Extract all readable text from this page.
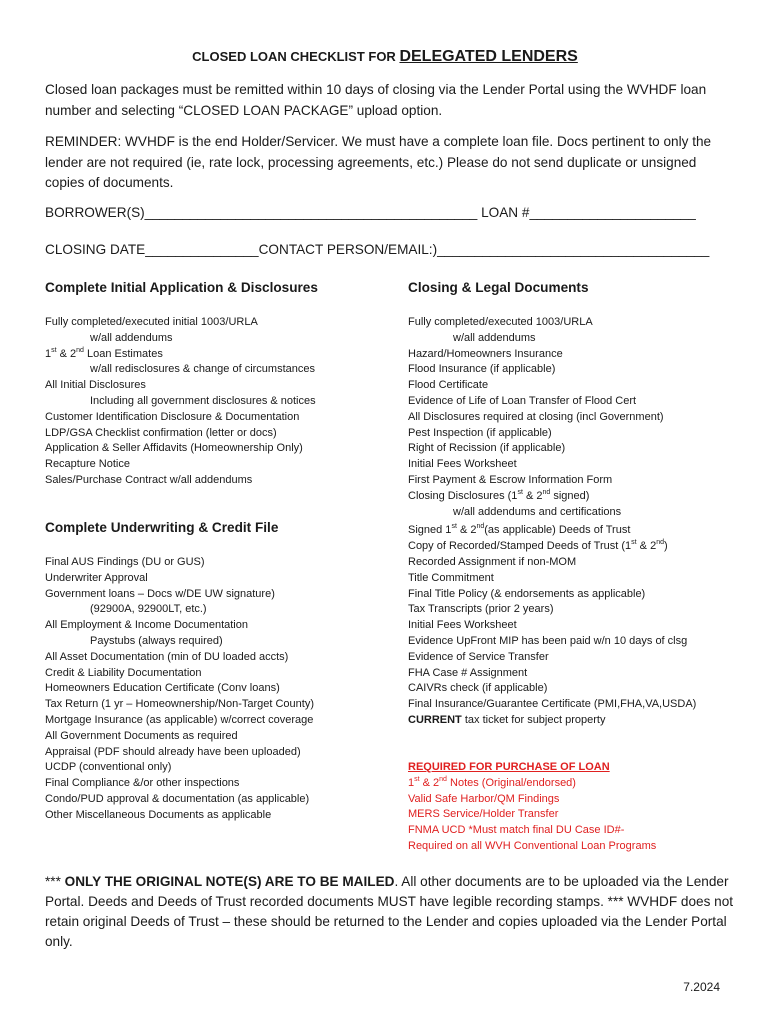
CLOSED LOAN CHECKLIST FOR DELEGATED LENDERS
Closed loan packages must be remitted within 10 days of closing via the Lender Portal using the WVHDF loan number and selecting “CLOSED LOAN PACKAGE” upload option.
REMINDER: WVHDF is the end Holder/Servicer. We must have a complete loan file. Docs pertinent to only the lender are not required (ie, rate lock, processing agreements, etc.) Please do not send duplicate or unsigned copies of documents.
BORROWER(S)____________________________________________ LOAN #______________________
CLOSING DATE_______________CONTACT PERSON/EMAIL:)____________________________________
Complete Initial Application & Disclosures
Fully completed/executed initial 1003/URLA
w/all addendums
1st & 2nd Loan Estimates
w/all redisclosures & change of circumstances
All Initial Disclosures
Including all government disclosures & notices
Customer Identification Disclosure & Documentation
LDP/GSA Checklist confirmation (letter or docs)
Application & Seller Affidavits (Homeownership Only)
Recapture Notice
Sales/Purchase Contract w/all addendums
Complete Underwriting & Credit File
Final AUS Findings (DU or GUS)
Underwriter Approval
Government loans – Docs w/DE UW signature)
(92900A, 92900LT, etc.)
All Employment & Income Documentation
Paystubs (always required)
All Asset Documentation (min of DU loaded accts)
Credit & Liability Documentation
Homeowners Education Certificate (Conv loans)
Tax Return (1 yr – Homeownership/Non-Target County)
Mortgage Insurance (as applicable) w/correct coverage
All Government Documents as required
Appraisal (PDF should already have been uploaded)
UCDP (conventional only)
Final Compliance &/or other inspections
Condo/PUD approval & documentation (as applicable)
Other Miscellaneous Documents as applicable
Closing & Legal Documents
Fully completed/executed 1003/URLA
w/all addendums
Hazard/Homeowners Insurance
Flood Insurance (if applicable)
Flood Certificate
Evidence of Life of Loan Transfer of Flood Cert
All Disclosures required at closing (incl Government)
Pest Inspection (if applicable)
Right of Recission (if applicable)
Initial Fees Worksheet
First Payment & Escrow Information Form
Closing Disclosures (1st & 2nd signed)
w/all addendums and certifications
Signed 1st & 2nd(as applicable) Deeds of Trust
Copy of Recorded/Stamped Deeds of Trust (1st & 2nd)
Recorded Assignment if non-MOM
Title Commitment
Final Title Policy (& endorsements as applicable)
Tax Transcripts (prior 2 years)
Initial Fees Worksheet
Evidence UpFront MIP has been paid w/n 10 days of clsg
Evidence of Service Transfer
FHA Case # Assignment
CAIVRs check (if applicable)
Final Insurance/Guarantee Certificate (PMI,FHA,VA,USDA)
CURRENT tax ticket for subject property
REQUIRED FOR PURCHASE OF LOAN
1st & 2nd Notes (Original/endorsed)
Valid Safe Harbor/QM Findings
MERS Service/Holder Transfer
FNMA UCD *Must match final DU Case ID#-
Required on all WVH Conventional Loan Programs
*** ONLY THE ORIGINAL NOTE(S) ARE TO BE MAILED. All other documents are to be uploaded via the Lender Portal. Deeds and Deeds of Trust recorded documents MUST have legible recording stamps. *** WVHDF does not retain original Deeds of Trust – these should be returned to the Lender and copies uploaded via the Lender Portal only.
7.2024
